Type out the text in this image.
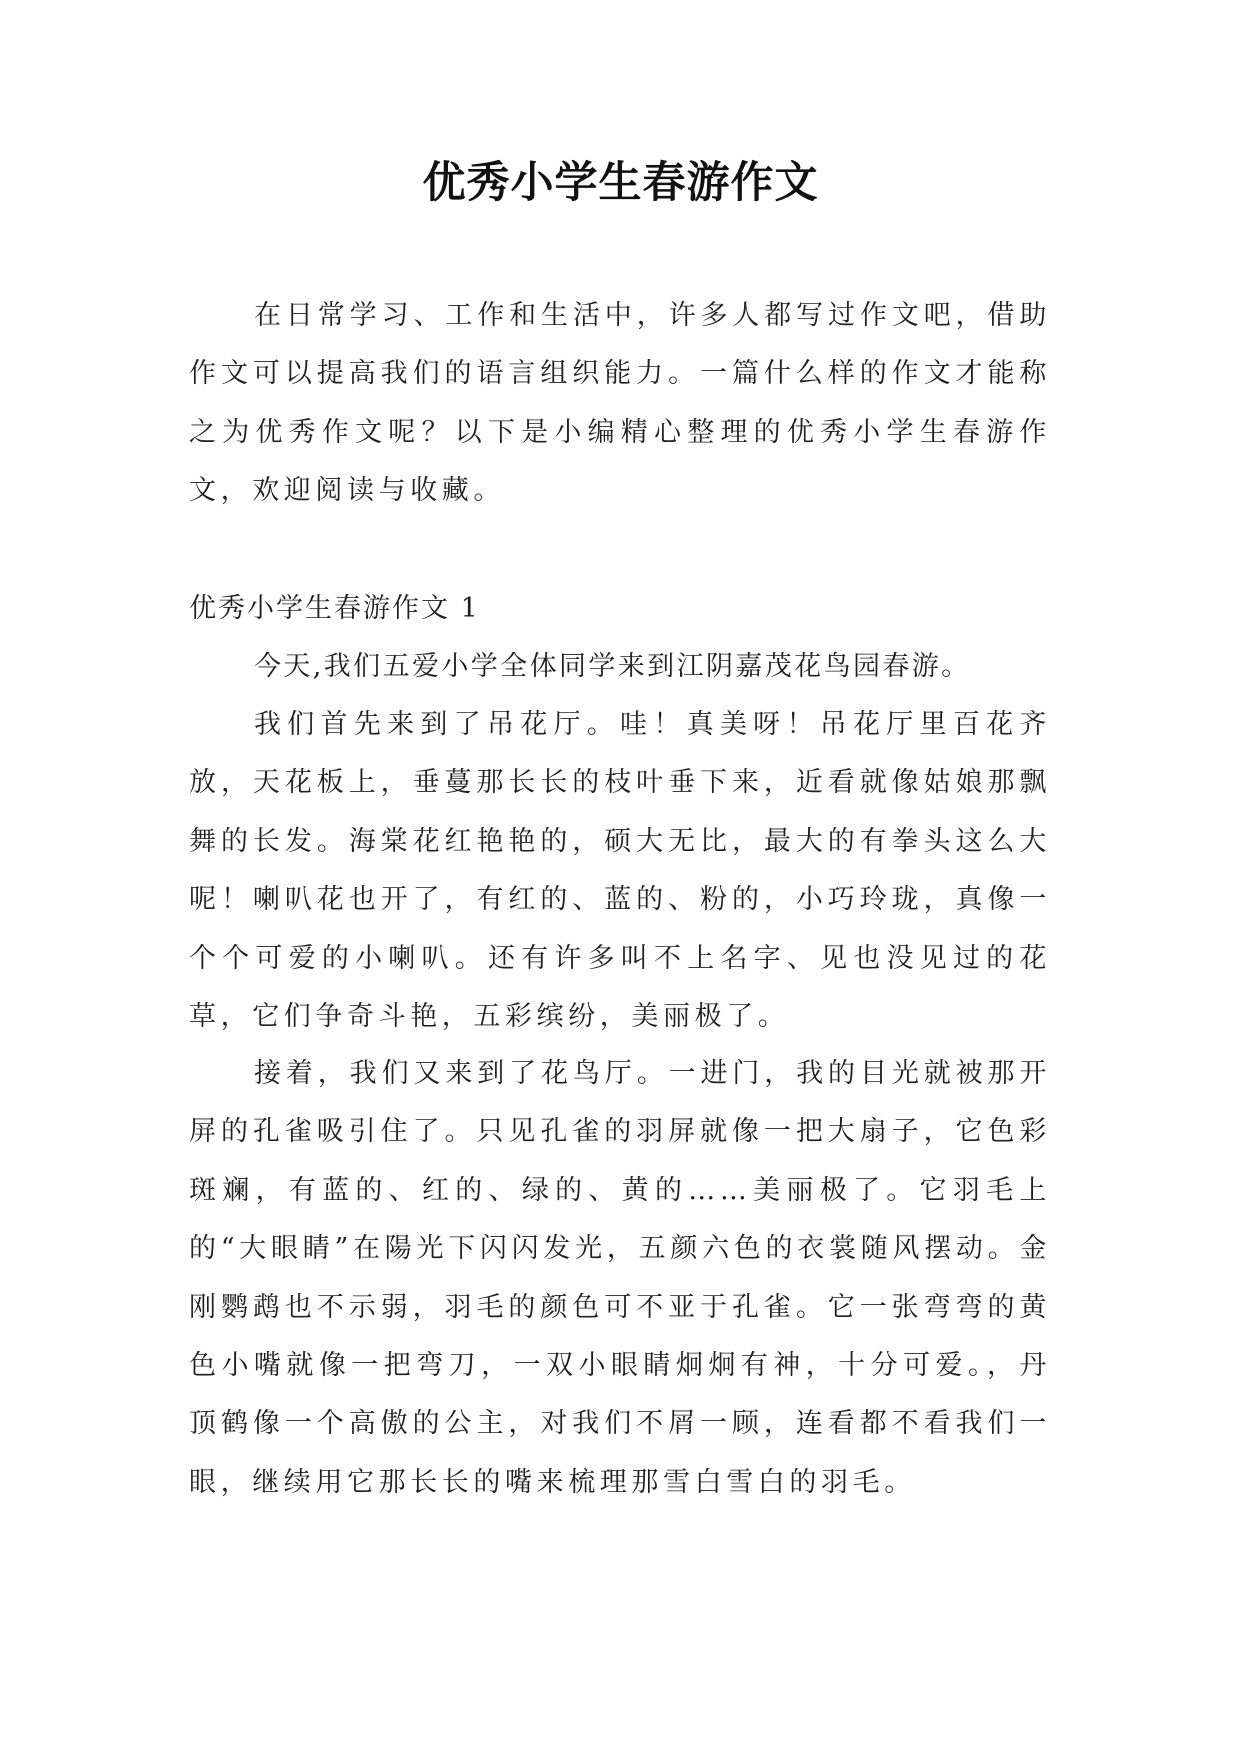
优秀小学生春游作文

在日常学习、工作和生活中，许多人都写过作文吧，借助作文可以提高我们的语言组织能力。一篇什么样的作文才能称之为优秀作文呢？以下是小编精心整理的优秀小学生春游作文，欢迎阅读与收藏。

优秀小学生春游作文 1

今天,我们五爱小学全体同学来到江阴嘉茂花鸟园春游。

我们首先来到了吊花厅。哇！真美呀！吊花厅里百花齐放，天花板上，垂蔓那长长的枝叶垂下来，近看就像姑娘那飘舞的长发。海棠花红艳艳的，硕大无比，最大的有拳头这么大呢！喇叭花也开了，有红的、蓝的、粉的，小巧玲珑，真像一个个可爱的小喇叭。还有许多叫不上名字、见也没见过的花草，它们争奇斗艳，五彩缤纷，美丽极了。

接着，我们又来到了花鸟厅。一进门，我的目光就被那开屏的孔雀吸引住了。只见孔雀的羽屏就像一把大扇子，它色彩斑斓，有蓝的、红的、绿的、黄的……美丽极了。它羽毛上的“大眼睛”在陽光下闪闪发光，五颜六色的衣裳随风摆动。金刚鹦鹉也不示弱，羽毛的颜色可不亚于孔雀。它一张弯弯的黄色小嘴就像一把弯刀，一双小眼睛炯炯有神，十分可爱。，丹顶鹤像一个高傲的公主，对我们不屑一顾，连看都不看我们一眼，继续用它那长长的嘴来梳理那雪白雪白的羽毛。
